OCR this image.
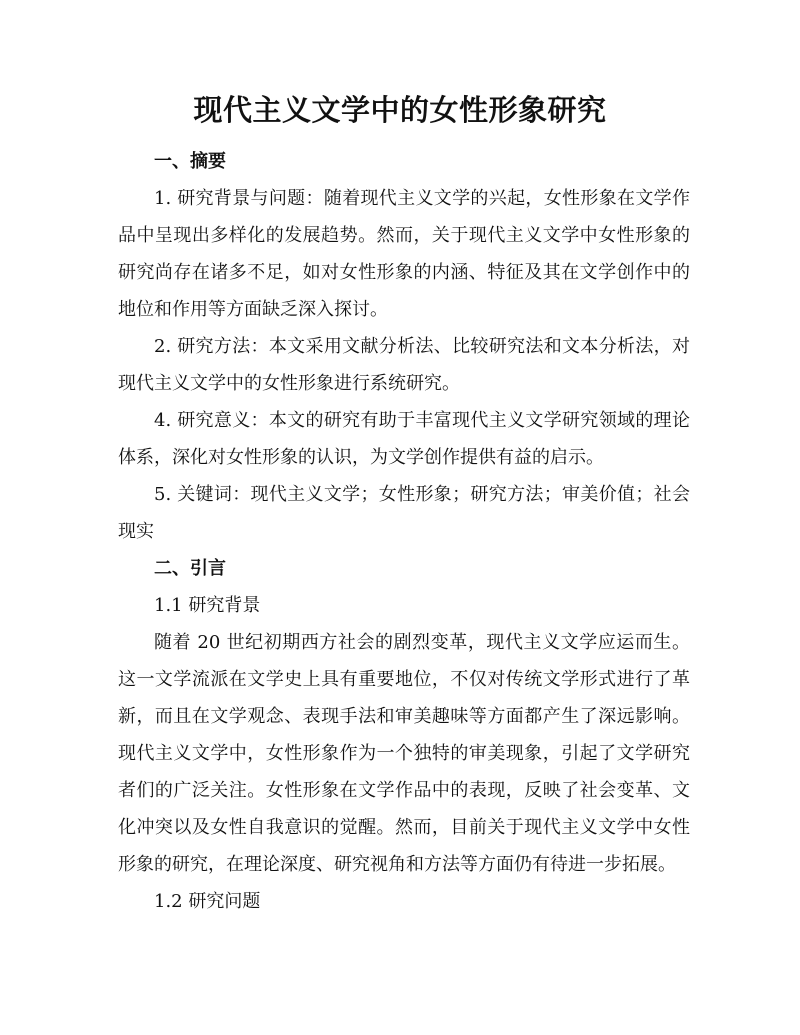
现代主义文学中的女性形象研究

一、摘要

1. 研究背景与问题：随着现代主义文学的兴起，女性形象在文学作品中呈现出多样化的发展趋势。然而，关于现代主义文学中女性形象的研究尚存在诸多不足，如对女性形象的内涵、特征及其在文学创作中的地位和作用等方面缺乏深入探讨。

2. 研究方法：本文采用文献分析法、比较研究法和文本分析法，对现代主义文学中的女性形象进行系统研究。

4. 研究意义：本文的研究有助于丰富现代主义文学研究领域的理论体系，深化对女性形象的认识，为文学创作提供有益的启示。

5. 关键词：现代主义文学；女性形象；研究方法；审美价值；社会现实

二、引言

1.1 研究背景

随着 20 世纪初期西方社会的剧烈变革，现代主义文学应运而生。这一文学流派在文学史上具有重要地位，不仅对传统文学形式进行了革新，而且在文学观念、表现手法和审美趣味等方面都产生了深远影响。现代主义文学中，女性形象作为一个独特的审美现象，引起了文学研究者们的广泛关注。女性形象在文学作品中的表现，反映了社会变革、文化冲突以及女性自我意识的觉醒。然而，目前关于现代主义文学中女性形象的研究，在理论深度、研究视角和方法等方面仍有待进一步拓展。

1.2 研究问题
